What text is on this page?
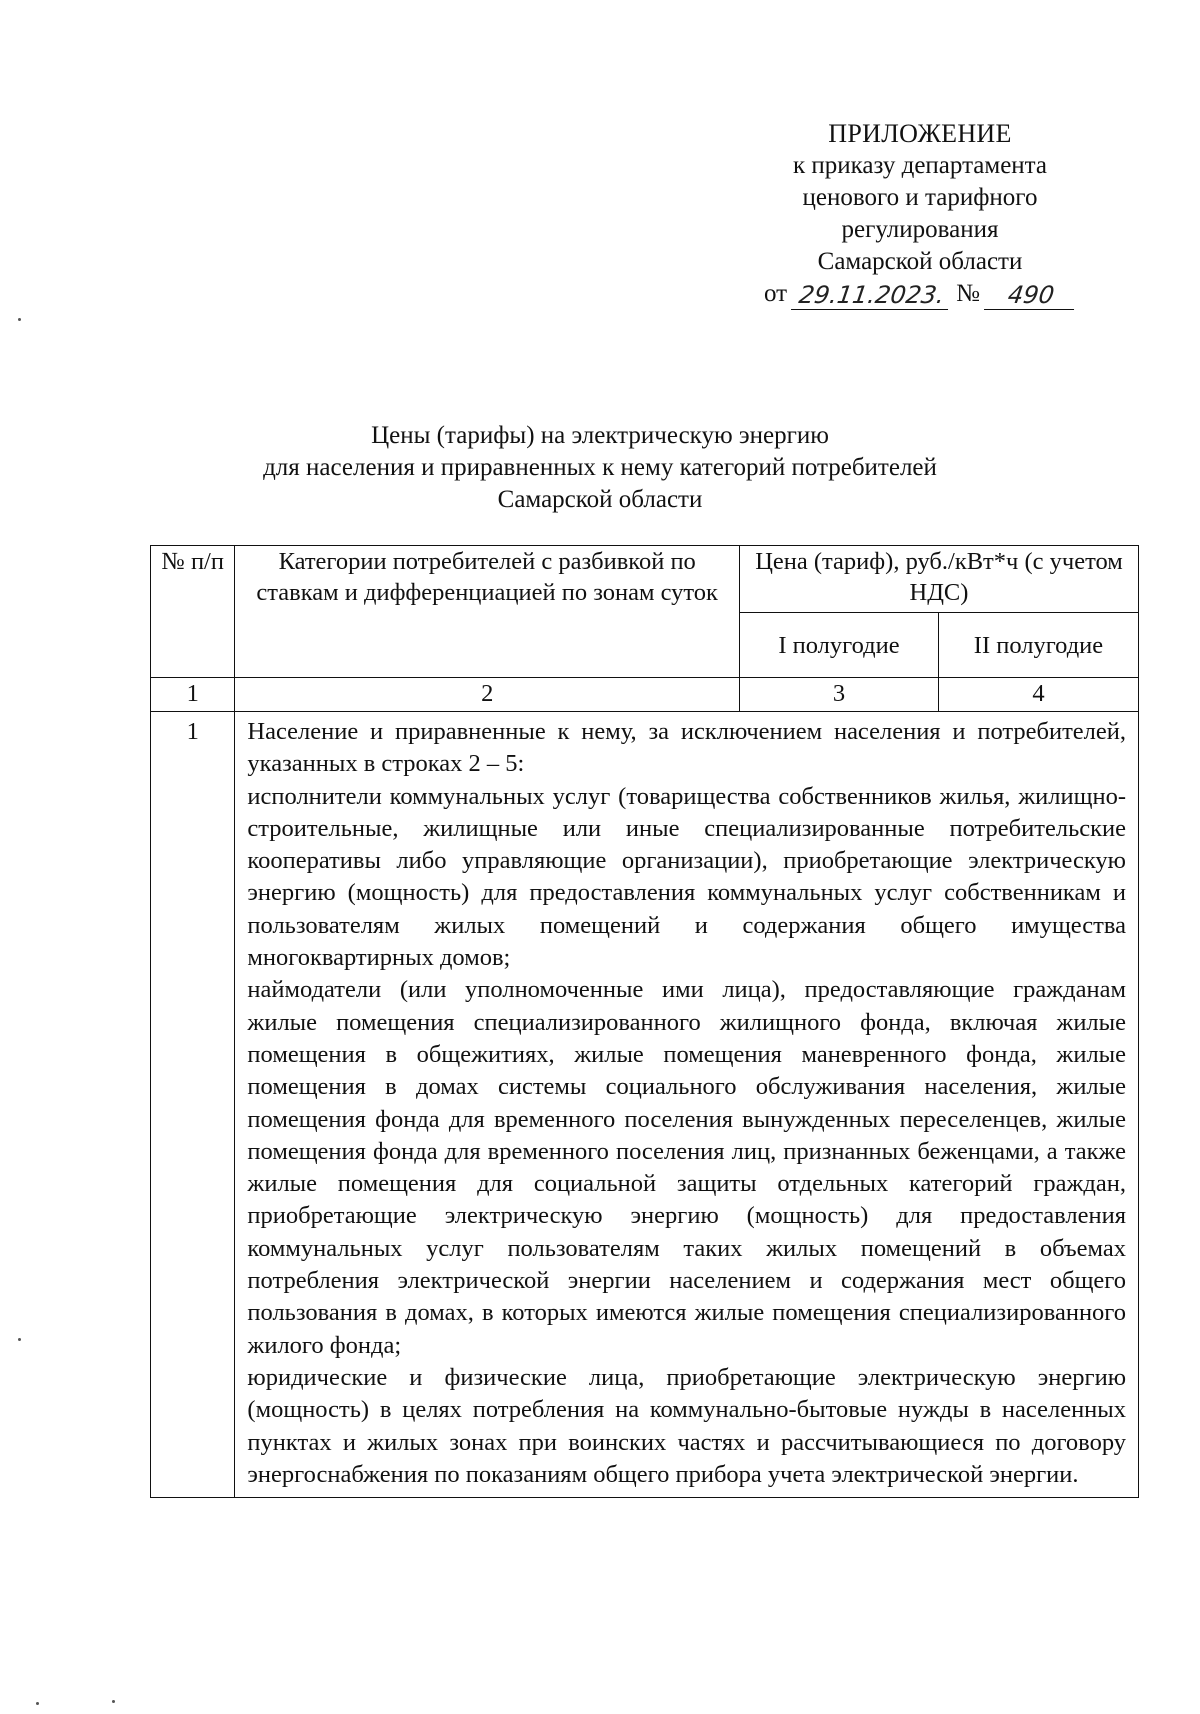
ПРИЛОЖЕНИЕ
к приказу департамента
ценового и тарифного
регулирования
Самарской области
от 29.11.2023. №	490
Цены (тарифы) на электрическую энергию
для населения и приравненных к нему категорий потребителей
Самарской области
№ п/п	Категории потребителей с разбивкой по ставкам и дифференциацией по зонам суток	Цена (тариф), руб./кВт*ч (с учетом НДС)	
		I полугодие	II полугодие
1	2	3	4
1	Население и приравненные к нему, за исключением населения и потребителей, указанных в строках 2 – 5:

исполнители коммунальных услуг (товарищества собственников жилья, жилищно-строительные, жилищные или иные специализированные потребительские кооперативы либо управляющие организации), приобретающие электрическую энергию (мощность) для предоставления коммунальных услуг собственникам и пользователям жилых помещений и содержания общего имущества многоквартирных домов;

наймодатели (или уполномоченные ими лица), предоставляющие гражданам жилые помещения специализированного жилищного фонда, включая жилые помещения в общежитиях, жилые помещения маневренного фонда, жилые помещения в домах системы социального обслуживания населения, жилые помещения фонда для временного поселения вынужденных переселенцев, жилые помещения фонда для временного поселения лиц, признанных беженцами, а также жилые помещения для социальной защиты отдельных категорий граждан, приобретающие электрическую энергию (мощность) для предоставления коммунальных услуг пользователям таких жилых помещений в объемах потребления электрической энергии населением и содержания мест общего пользования в домах, в которых имеются жилые помещения специализированного жилого фонда;

юридические и физические лица, приобретающие электрическую энергию (мощность) в целях потребления на коммунально-бытовые нужды в населенных пунктах и жилых зонах при воинских частях и рассчитывающиеся по договору энергоснабжения по показаниям общего прибора учета электрической энергии.		
